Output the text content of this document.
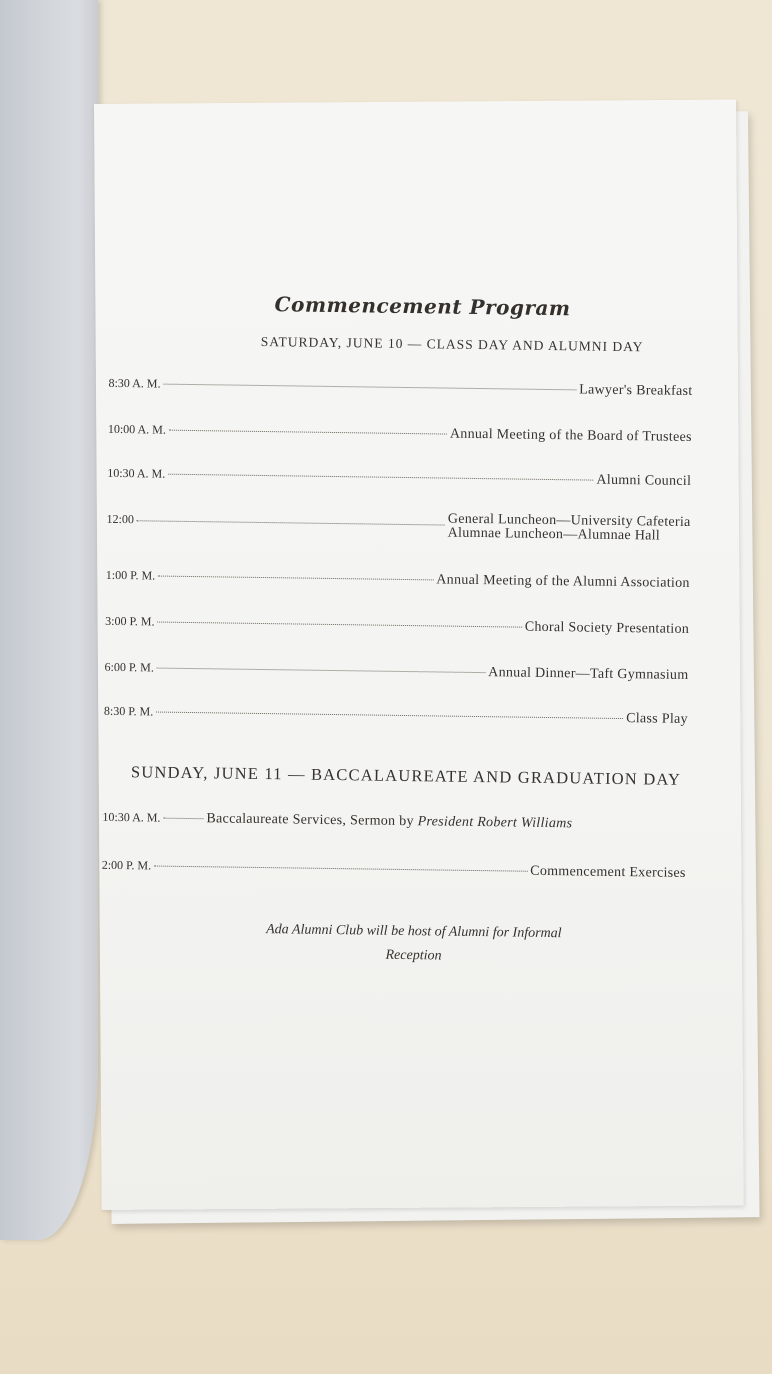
Commencement Program
SATURDAY, JUNE 10 — CLASS DAY AND ALUMNI DAY
8:30 A. M.	Lawyer's Breakfast
10:00 A. M.	Annual Meeting of the Board of Trustees
10:30 A. M.	Alumni Council
12:00	General Luncheon—University Cafeteria
Alumnae Luncheon—Alumnae Hall
1:00 P. M.	Annual Meeting of the Alumni Association
3:00 P. M.	Choral Society Presentation
6:00 P. M.	Annual Dinner—Taft Gymnasium
8:30 P. M.	Class Play
SUNDAY, JUNE 11 — BACCALAUREATE AND GRADUATION DAY
10:30 A. M.	Baccalaureate Services, Sermon by President Robert Williams
2:00 P. M.	Commencement Exercises
Ada Alumni Club will be host of Alumni for Informal
Reception
